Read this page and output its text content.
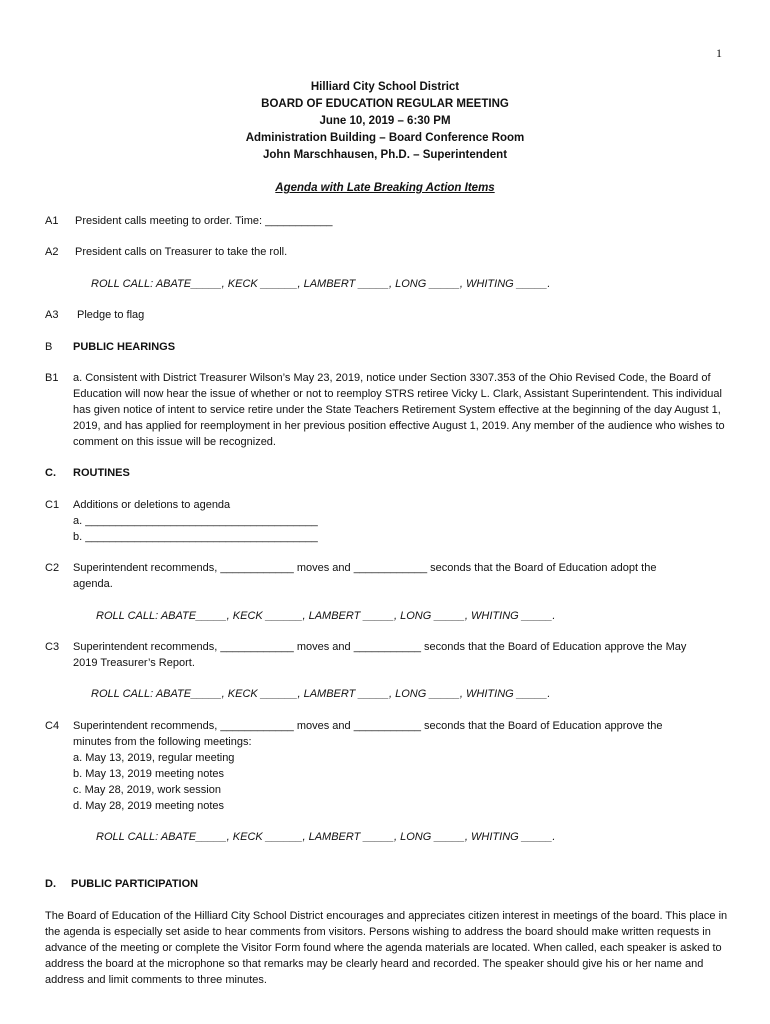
1
Hilliard City School District
BOARD OF EDUCATION REGULAR MEETING
June 10, 2019 – 6:30 PM
Administration Building – Board Conference Room
John Marschhausen, Ph.D. – Superintendent
Agenda with Late Breaking Action Items
A1 President calls meeting to order. Time: ___________
A2 President calls on Treasurer to take the roll.
ROLL CALL: ABATE_____, KECK ______, LAMBERT _____, LONG _____, WHITING _____.
A3 Pledge to flag
B PUBLIC HEARINGS
B1 a. Consistent with District Treasurer Wilson’s May 23, 2019, notice under Section 3307.353 of the Ohio Revised Code, the Board of Education will now hear the issue of whether or not to reemploy STRS retiree Vicky L. Clark, Assistant Superintendent. This individual has given notice of intent to service retire under the State Teachers Retirement System effective at the beginning of the day August 1, 2019, and has applied for reemployment in her previous position effective August 1, 2019. Any member of the audience who wishes to comment on this issue will be recognized.
C. ROUTINES
C1 Additions or deletions to agenda
a. ______________________________________
b. ______________________________________
C2 Superintendent recommends, ____________ moves and ____________ seconds that the Board of Education adopt the
agenda.
ROLL CALL: ABATE_____, KECK ______, LAMBERT _____, LONG _____, WHITING _____.
C3 Superintendent recommends, ____________ moves and ___________ seconds that the Board of Education approve the May
2019 Treasurer’s Report.
ROLL CALL: ABATE_____, KECK ______, LAMBERT _____, LONG _____, WHITING _____.
C4 Superintendent recommends, ____________ moves and ___________ seconds that the Board of Education approve the
minutes from the following meetings:
a. May 13, 2019, regular meeting
b. May 13, 2019 meeting notes
c. May 28, 2019, work session
d. May 28, 2019 meeting notes
ROLL CALL: ABATE_____, KECK ______, LAMBERT _____, LONG _____, WHITING _____.
D. PUBLIC PARTICIPATION
The Board of Education of the Hilliard City School District encourages and appreciates citizen interest in meetings of the board. This place in the agenda is especially set aside to hear comments from visitors. Persons wishing to address the board should make written requests in advance of the meeting or complete the Visitor Form found where the agenda materials are located. When called, each speaker is asked to address the board at the microphone so that remarks may be clearly heard and recorded. The speaker should give his or her name and address and limit comments to three minutes.
